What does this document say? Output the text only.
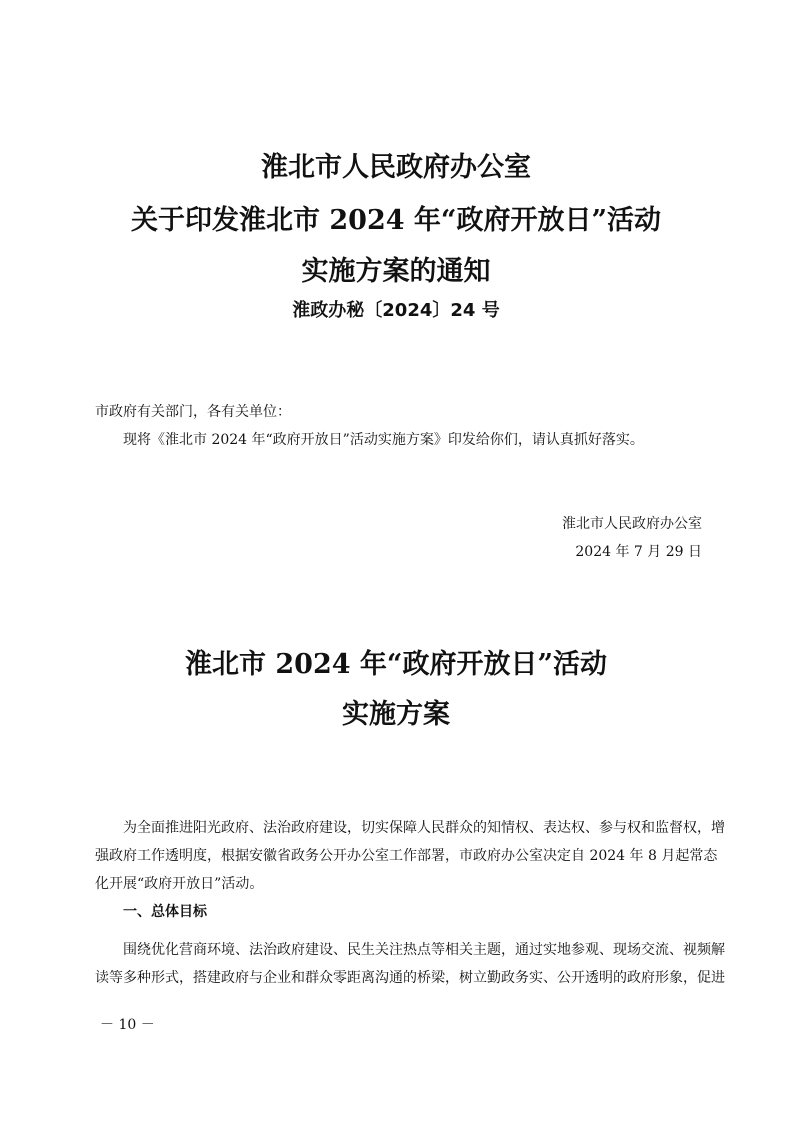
淮北市人民政府办公室
关于印发淮北市 2024 年“政府开放日”活动
实施方案的通知
淮政办秘〔2024〕24 号
市政府有关部门，各有关单位：
现将《淮北市 2024 年“政府开放日”活动实施方案》印发给你们，请认真抓好落实。
淮北市人民政府办公室
2024 年 7 月 29 日
淮北市 2024 年“政府开放日”活动
实施方案
为全面推进阳光政府、法治政府建设，切实保障人民群众的知情权、表达权、参与权和监督权，增
强政府工作透明度，根据安徽省政务公开办公室工作部署，市政府办公室决定自 2024 年 8 月起常态
化开展“政府开放日”活动。
一、总体目标
围绕优化营商环境、法治政府建设、民生关注热点等相关主题，通过实地参观、现场交流、视频解
读等多种形式，搭建政府与企业和群众零距离沟通的桥梁，树立勤政务实、公开透明的政府形象，促进
－ 10 －
